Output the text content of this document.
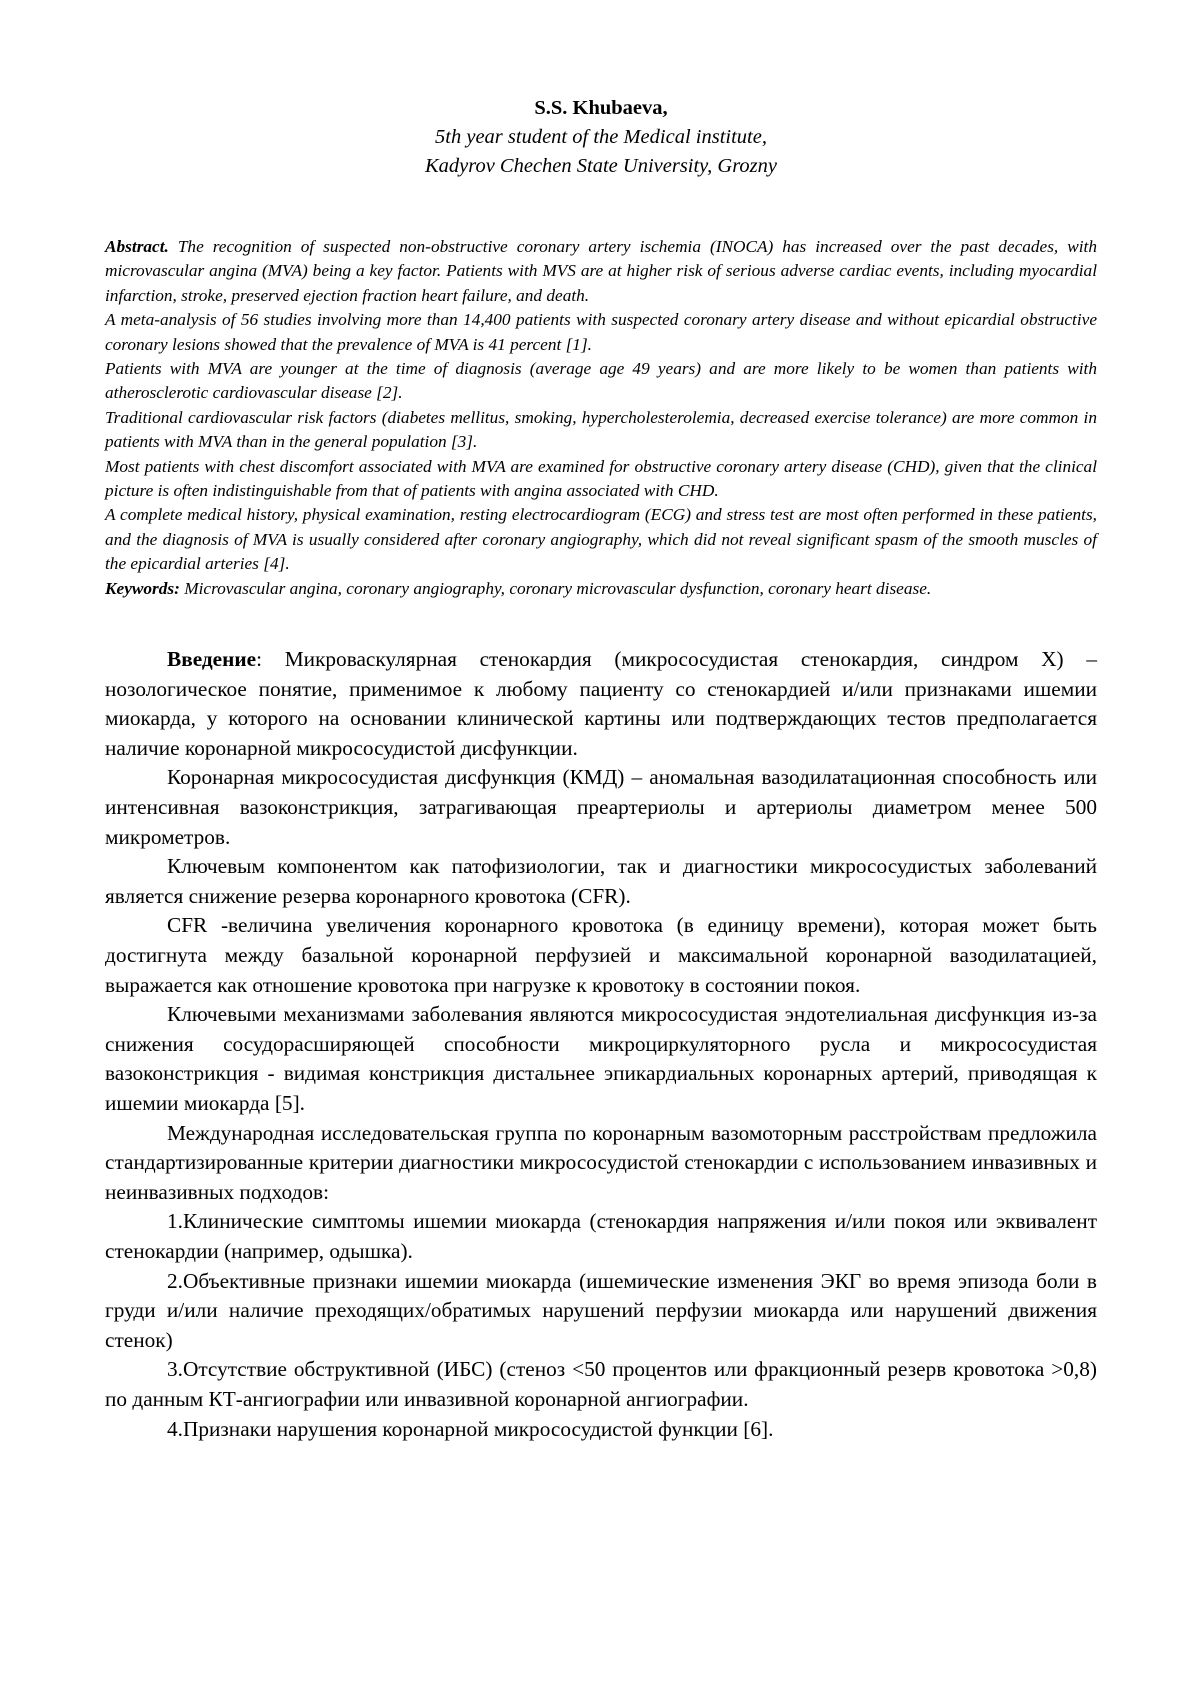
S.S. Khubaeva,
5th year student of the Medical institute,
Kadyrov Chechen State University, Grozny

Abstract. The recognition of suspected non-obstructive coronary artery ischemia (INOCA) has increased over the past decades, with microvascular angina (MVA) being a key factor. Patients with MVS are at higher risk of serious adverse cardiac events, including myocardial infarction, stroke, preserved ejection fraction heart failure, and death.

A meta-analysis of 56 studies involving more than 14,400 patients with suspected coronary artery disease and without epicardial obstructive coronary lesions showed that the prevalence of MVA is 41 percent [1].

Patients with MVA are younger at the time of diagnosis (average age 49 years) and are more likely to be women than patients with atherosclerotic cardiovascular disease [2].

Traditional cardiovascular risk factors (diabetes mellitus, smoking, hypercholesterolemia, decreased exercise tolerance) are more common in patients with MVA than in the general population [3].

Most patients with chest discomfort associated with MVA are examined for obstructive coronary artery disease (CHD), given that the clinical picture is often indistinguishable from that of patients with angina associated with CHD.

A complete medical history, physical examination, resting electrocardiogram (ECG) and stress test are most often performed in these patients, and the diagnosis of MVA is usually considered after coronary angiography, which did not reveal significant spasm of the smooth muscles of the epicardial arteries [4].

Keywords: Microvascular angina, coronary angiography, coronary microvascular dysfunction, coronary heart disease.

Введение: Микроваскулярная стенокардия (микрососудистая стенокардия, синдром X) – нозологическое понятие, применимое к любому пациенту со стенокардией и/или признаками ишемии миокарда, у которого на основании клинической картины или подтверждающих тестов предполагается наличие коронарной микрососудистой дисфункции.

Коронарная микрососудистая дисфункция (КМД) – аномальная вазодилатационная способность или интенсивная вазоконстрикция, затрагивающая преартериолы и артериолы диаметром менее 500 микрометров.

Ключевым компонентом как патофизиологии, так и диагностики микрососудистых заболеваний является снижение резерва коронарного кровотока (CFR).

CFR -величина увеличения коронарного кровотока (в единицу времени), которая может быть достигнута между базальной коронарной перфузией и максимальной коронарной вазодилатацией, выражается как отношение кровотока при нагрузке к кровотоку в состоянии покоя.

Ключевыми механизмами заболевания являются микрососудистая эндотелиальная дисфункция из-за снижения сосудорасширяющей способности микроциркуляторного русла и микрососудистая вазоконстрикция - видимая констрикция дистальнее эпикардиальных коронарных артерий, приводящая к ишемии миокарда [5].

Международная исследовательская группа по коронарным вазомоторным расстройствам предложила стандартизированные критерии диагностики микрососудистой стенокардии с использованием инвазивных и неинвазивных подходов:

1.Клинические симптомы ишемии миокарда (стенокардия напряжения и/или покоя или эквивалент стенокардии (например, одышка).

2.Объективные признаки ишемии миокарда (ишемические изменения ЭКГ во время эпизода боли в груди и/или наличие преходящих/обратимых нарушений перфузии миокарда или нарушений движения стенок)

3.Отсутствие обструктивной (ИБС) (стеноз <50 процентов или фракционный резерв кровотока >0,8) по данным КТ-ангиографии или инвазивной коронарной ангиографии.

4.Признаки нарушения коронарной микрососудистой функции [6].
